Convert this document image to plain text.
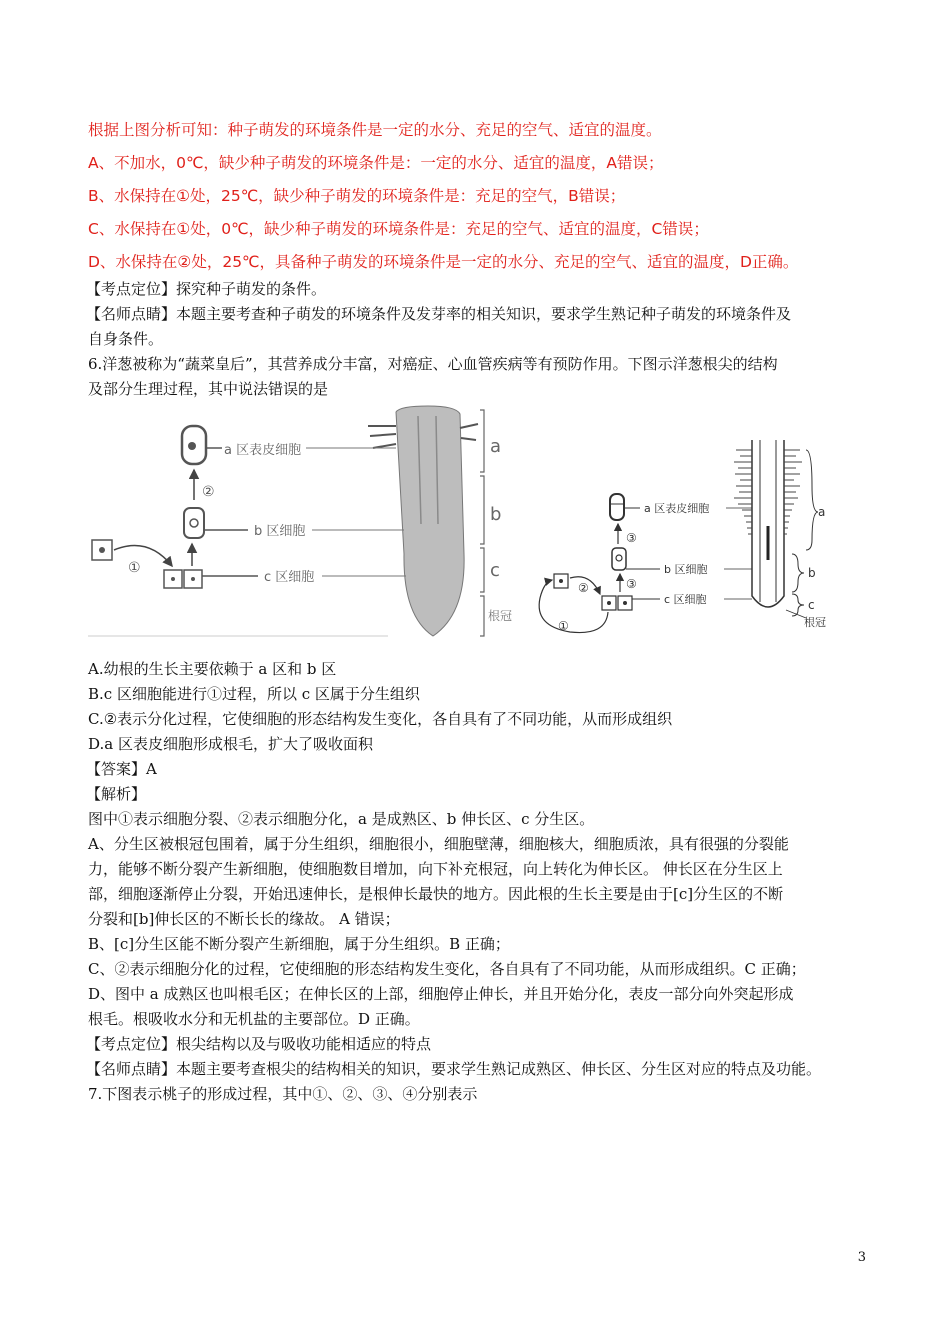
根据上图分析可知：种子萌发的环境条件是一定的水分、充足的空气、适宜的温度。
A、不加水，0℃，缺少种子萌发的环境条件是：一定的水分、适宜的温度，A错误；
B、水保持在①处，25℃，缺少种子萌发的环境条件是：充足的空气，B错误；
C、水保持在①处，0℃，缺少种子萌发的环境条件是：充足的空气、适宜的温度，C错误；
D、水保持在②处，25℃，具备种子萌发的环境条件是一定的水分、充足的空气、适宜的温度，D正确。
【考点定位】探究种子萌发的条件。
【名师点睛】本题主要考查种子萌发的环境条件及发芽率的相关知识，要求学生熟记种子萌发的环境条件及
自身条件。
6.洋葱被称为“蔬菜皇后”，其营养成分丰富，对癌症、心血管疾病等有预防作用。下图示洋葱根尖的结构
及部分生理过程，其中说法错误的是
a
b
c
根冠
a 区表皮细胞
②
b 区细胞
c 区细胞
①
a
b
c
根冠
a 区表皮细胞
③
b 区细胞
③
c 区细胞
②
①
A.幼根的生长主要依赖于 a 区和 b 区
B.c 区细胞能进行①过程，所以 c 区属于分生组织
C.②表示分化过程，它使细胞的形态结构发生变化，各自具有了不同功能，从而形成组织
D.a 区表皮细胞形成根毛，扩大了吸收面积
【答案】A
【解析】
图中①表示细胞分裂、②表示细胞分化，a 是成熟区、b 伸长区、c 分生区。
A、分生区被根冠包围着，属于分生组织，细胞很小，细胞壁薄，细胞核大，细胞质浓，具有很强的分裂能
力，能够不断分裂产生新细胞，使细胞数目增加，向下补充根冠，向上转化为伸长区。 伸长区在分生区上
部，细胞逐渐停止分裂，开始迅速伸长，是根伸长最快的地方。因此根的生长主要是由于[c]分生区的不断
分裂和[b]伸长区的不断长长的缘故。 A 错误；
B、[c]分生区能不断分裂产生新细胞，属于分生组织。B 正确；
C、②表示细胞分化的过程，它使细胞的形态结构发生变化，各自具有了不同功能，从而形成组织。C 正确；
D、图中 a 成熟区也叫根毛区；在伸长区的上部，细胞停止伸长，并且开始分化，表皮一部分向外突起形成
根毛。根吸收水分和无机盐的主要部位。D 正确。
【考点定位】根尖结构以及与吸收功能相适应的特点
【名师点睛】本题主要考查根尖的结构相关的知识，要求学生熟记成熟区、伸长区、分生区对应的特点及功能。
7.下图表示桃子的形成过程，其中①、②、③、④分别表示
3
